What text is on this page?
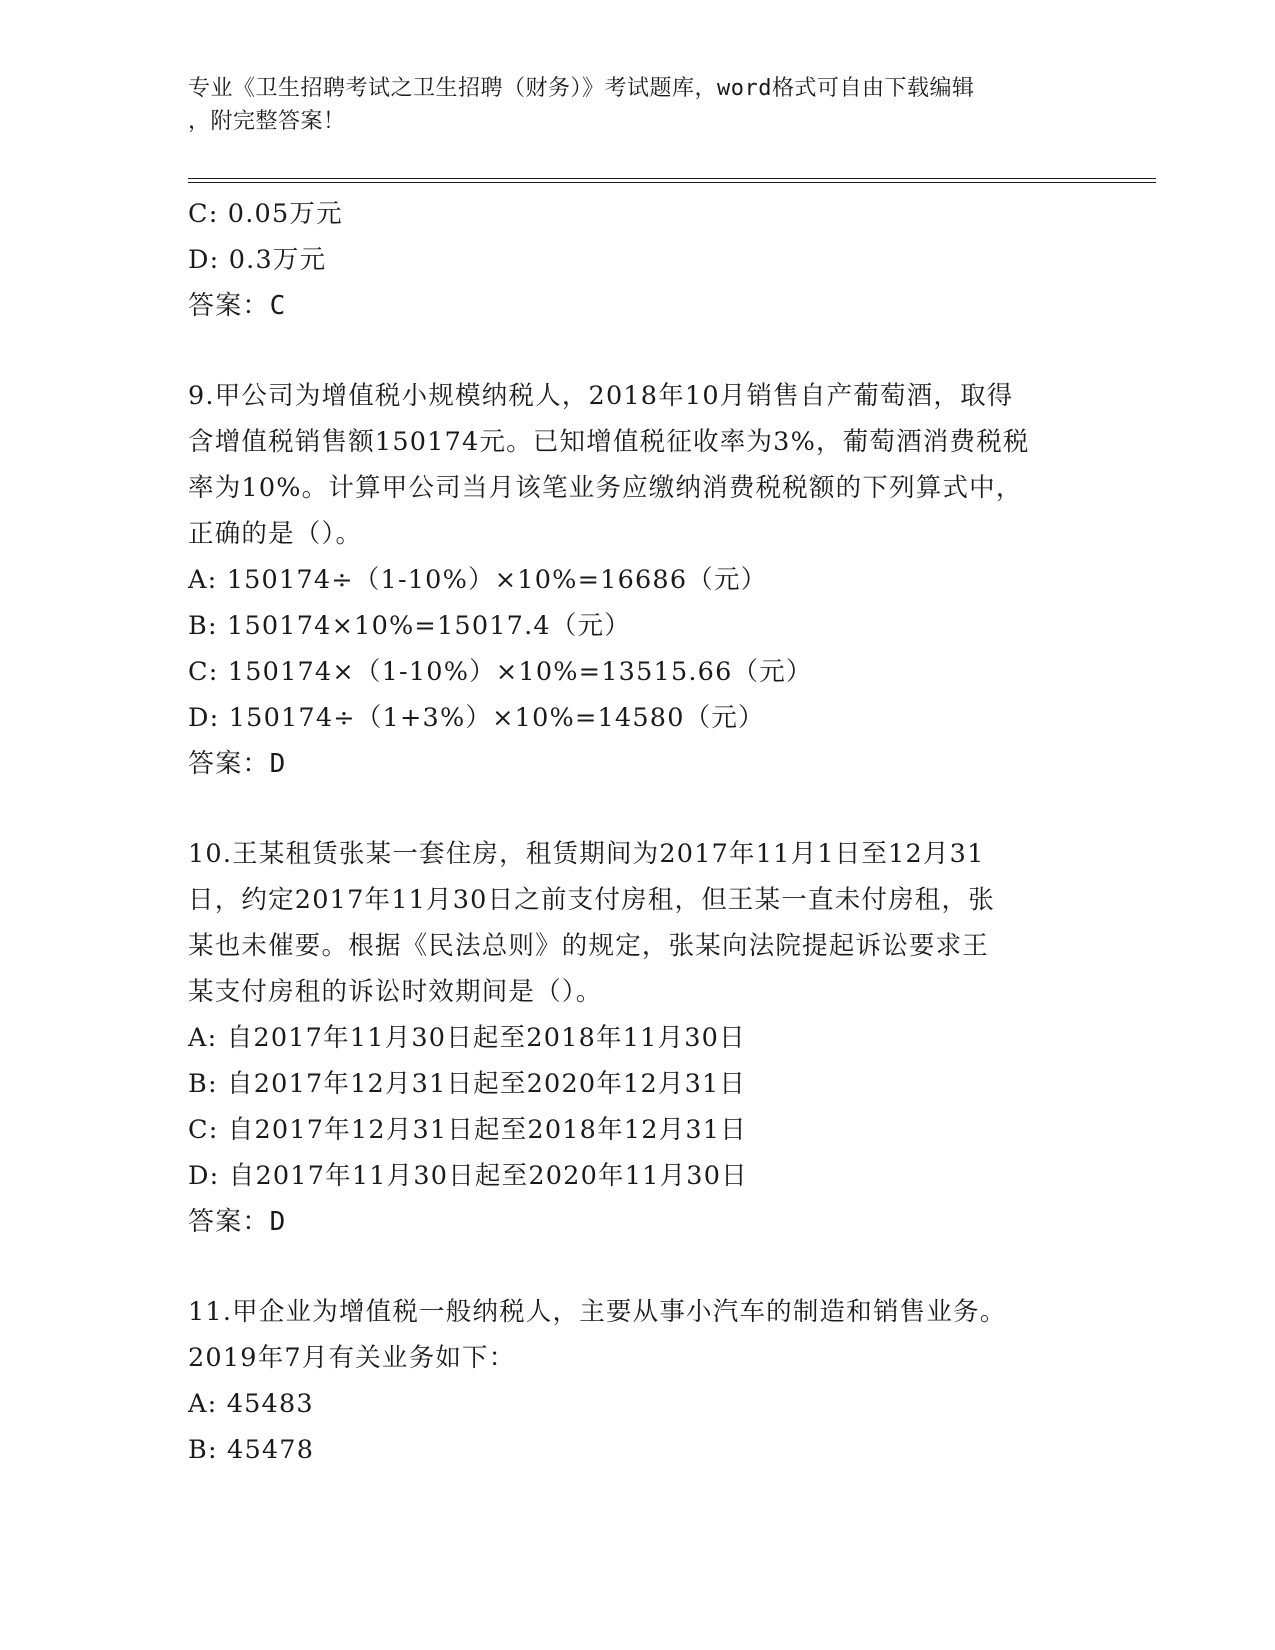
专业《卫生招聘考试之卫生招聘（财务）》考试题库，word格式可自由下载编辑
，附完整答案！
C: 0.05万元
D: 0.3万元
答案：C
9.甲公司为增值税小规模纳税人，2018年10月销售自产葡萄酒，取得
含增值税销售额150174元。已知增值税征收率为3%，葡萄酒消费税税
率为10%。计算甲公司当月该笔业务应缴纳消费税税额的下列算式中，
正确的是（）。
A: 150174÷（1-10%）×10%=16686（元）
B: 150174×10%=15017.4（元）
C: 150174×（1-10%）×10%=13515.66（元）
D: 150174÷（1+3%）×10%=14580（元）
答案：D
10.王某租赁张某一套住房，租赁期间为2017年11月1日至12月31
日，约定2017年11月30日之前支付房租，但王某一直未付房租，张
某也未催要。根据《民法总则》的规定，张某向法院提起诉讼要求王
某支付房租的诉讼时效期间是（）。
A: 自2017年11月30日起至2018年11月30日
B: 自2017年12月31日起至2020年12月31日
C: 自2017年12月31日起至2018年12月31日
D: 自2017年11月30日起至2020年11月30日
答案：D
11.甲企业为增值税一般纳税人，主要从事小汽车的制造和销售业务。
2019年7月有关业务如下：
A: 45483
B: 45478
